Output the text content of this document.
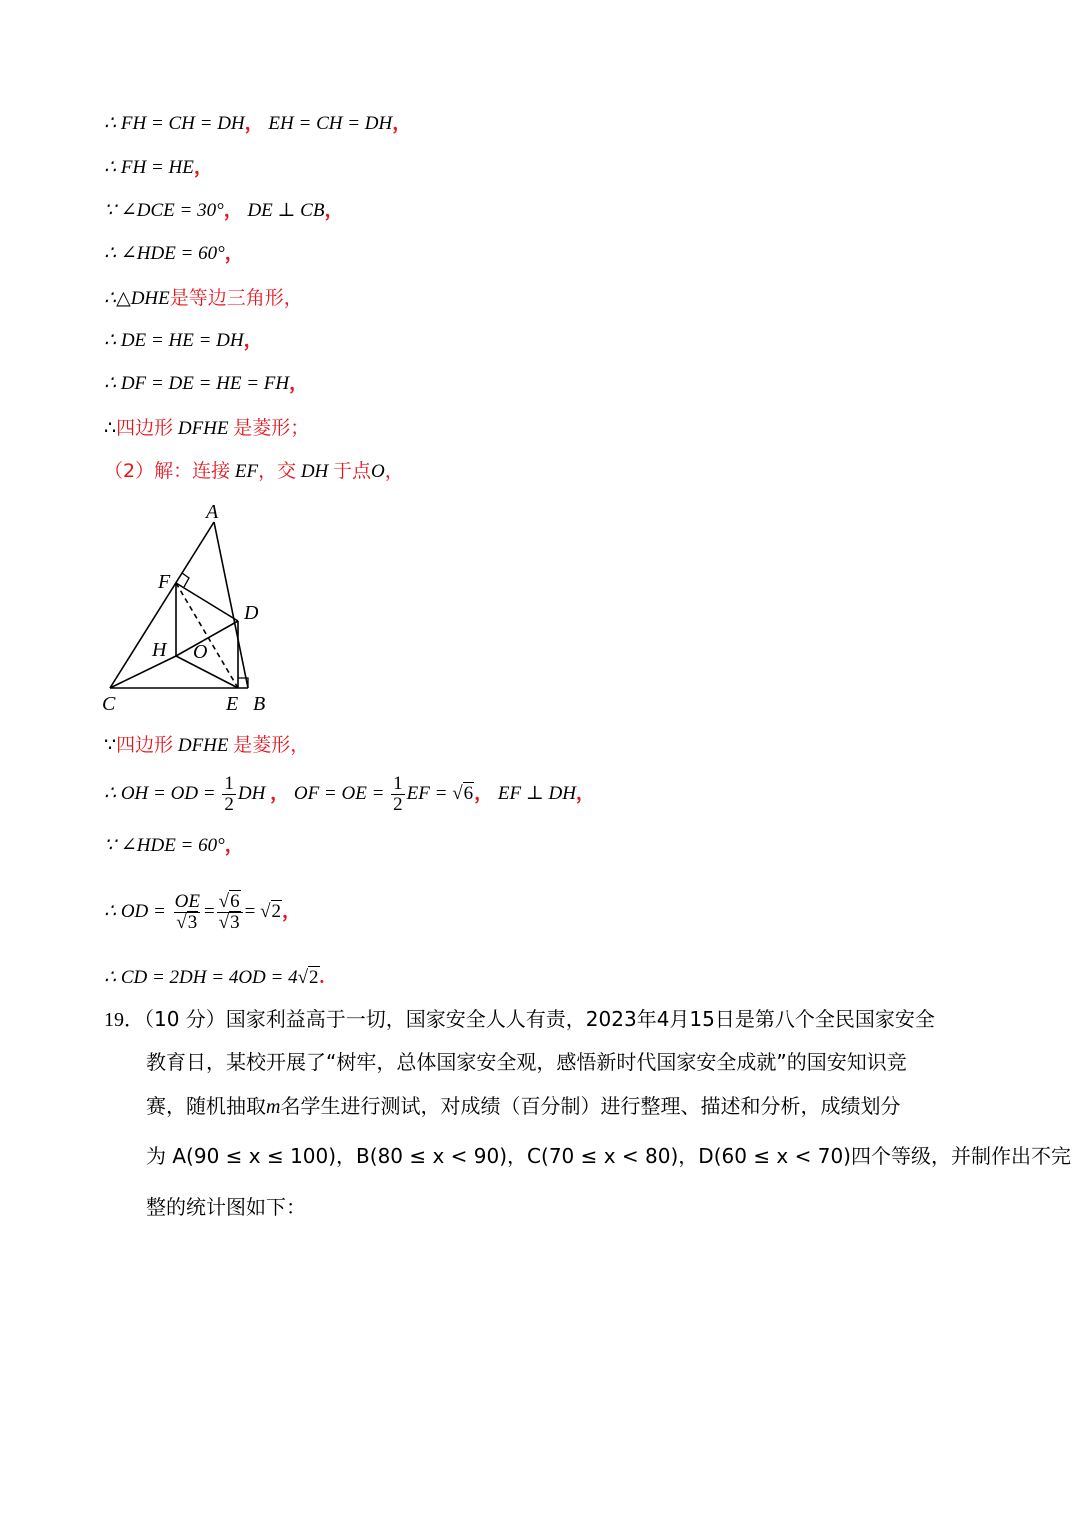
∴ FH = CH = DH， EH = CH = DH，
∴ FH = HE，
∵ ∠DCE = 30°， DE ⊥ CB，
∴ ∠HDE = 60°，
∴△DHE是等边三角形，
∴ DE = HE = DH，
∴ DF = DE = HE = FH，
∴四边形 DFHE 是菱形；
（2）解：连接 EF，交 DH 于点O，
A
F
D
H O
C	E B
∵四边形 DFHE 是菱形，
∴ OH = OD = $\frac{1}{2}$ DH ， OF = OE = $\frac{1}{2}$ EF = √6， EF ⊥ DH，
∵ ∠HDE = 60°，
∴ OD = $\frac{OE}{√3} = \frac{√6}{√3} = √2$，
∴ CD = 2DH = 4OD = 4√2.
19．（10 分）国家利益高于一切，国家安全人人有责，2023年4月15日是第八个全民国家安全
教育日，某校开展了“树牢，总体国家安全观，感悟新时代国家安全成就”的国安知识竞
赛，随机抽取m名学生进行测试，对成绩（百分制）进行整理、描述和分析，成绩划分
为 A(90 ≤ x ≤ 100)，B(80 ≤ x < 90)，C(70 ≤ x < 80)，D(60 ≤ x < 70)四个等级，并制作出不完
整的统计图如下：
